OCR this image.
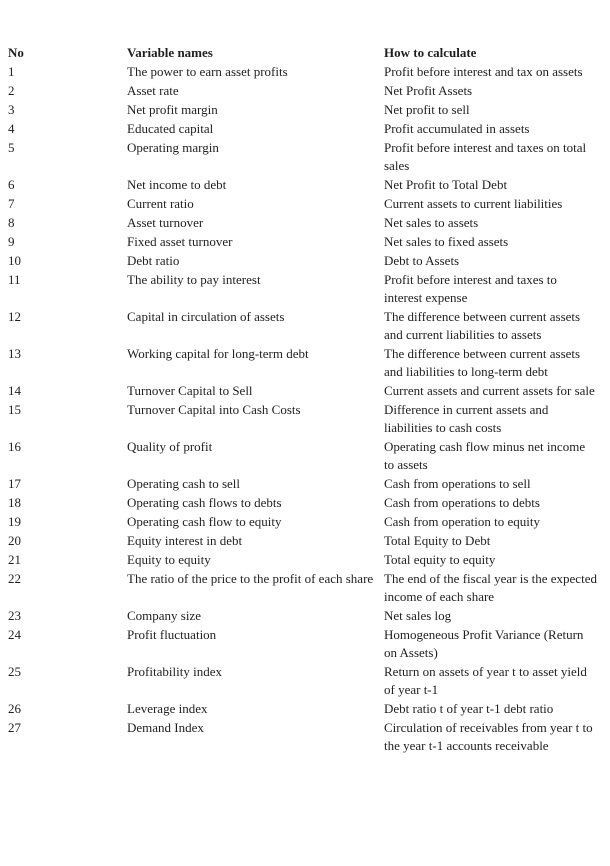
No	Variable names	How to calculate
1	The power to earn asset profits	Profit before interest and tax on assets
2	Asset rate	Net Profit Assets
3	Net profit margin	Net profit to sell
4	Educated capital	Profit accumulated in assets
5	Operating margin	Profit before interest and taxes on total sales
6	Net income to debt	Net Profit to Total Debt
7	Current ratio	Current assets to current liabilities
8	Asset turnover	Net sales to assets
9	Fixed asset turnover	Net sales to fixed assets
10	Debt ratio	Debt to Assets
11	The ability to pay interest	Profit before interest and taxes to interest expense
12	Capital in circulation of assets	The difference between current assets and current liabilities to assets
13	Working capital for long-term debt	The difference between current assets and liabilities to long-term debt
14	Turnover Capital to Sell	Current assets and current assets for sale
15	Turnover Capital into Cash Costs	Difference in current assets and liabilities to cash costs
16	Quality of profit	Operating cash flow minus net income to assets
17	Operating cash to sell	Cash from operations to sell
18	Operating cash flows to debts	Cash from operations to debts
19	Operating cash flow to equity	Cash from operation to equity
20	Equity interest in debt	Total Equity to Debt
21	Equity to equity	Total equity to equity
22	The ratio of the price to the profit of each share	The end of the fiscal year is the expected income of each share
23	Company size	Net sales log
24	Profit fluctuation	Homogeneous Profit Variance (Return on Assets)
25	Profitability index	Return on assets of year t to asset yield of year t-1
26	Leverage index	Debt ratio t of year t-1 debt ratio
27	Demand Index	Circulation of receivables from year t to the year t-1 accounts receivable
